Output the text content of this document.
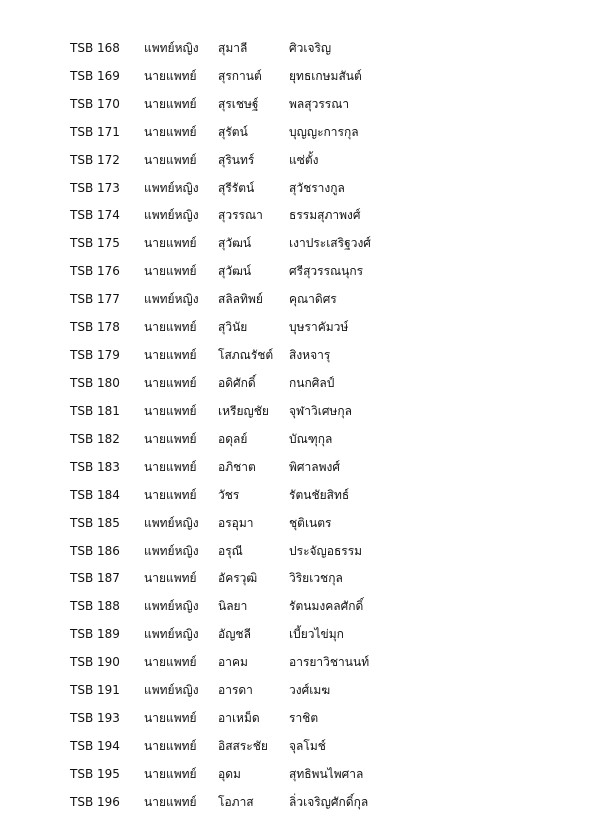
TSB 168	แพทย์หญิง	สุมาลี	ศิวเจริญ
TSB 169	นายแพทย์	สุรกานต์	ยุทธเกษมสันต์
TSB 170	นายแพทย์	สุรเชษฐ์	พลสุวรรณา
TSB 171	นายแพทย์	สุรัตน์	บุญญะการกุล
TSB 172	นายแพทย์	สุรินทร์	แซ่ตั้ง
TSB 173	แพทย์หญิง	สุรีรัตน์	สุวัชรางกูล
TSB 174	แพทย์หญิง	สุวรรณา	ธรรมสุภาพงศ์
TSB 175	นายแพทย์	สุวัฒน์	เงาประเสริฐวงศ์
TSB 176	นายแพทย์	สุวัฒน์	ศรีสุวรรณนุกร
TSB 177	แพทย์หญิง	สลิลทิพย์	คุณาดิศร
TSB 178	นายแพทย์	สุวินัย	บุษราคัมวษ์
TSB 179	นายแพทย์	โสภณรัชต์	สิงหจารุ
TSB 180	นายแพทย์	อดิศักดิ์	กนกศิลป์
TSB 181	นายแพทย์	เหรียญชัย	จุฬาวิเศษกุล
TSB 182	นายแพทย์	อดุลย์	บัณฑุกุล
TSB 183	นายแพทย์	อภิชาต	พิศาลพงศ์
TSB 184	นายแพทย์	วัชร	รัตนชัยสิทธ์
TSB 185	แพทย์หญิง	อรอุมา	ชุติเนตร
TSB 186	แพทย์หญิง	อรุณี	ประจัญอธรรม
TSB 187	นายแพทย์	อัครวุฒิ	วิริยเวชกุล
TSB 188	แพทย์หญิง	นิลยา	รัตนมงคลศักดิ์
TSB 189	แพทย์หญิง	อัญชลี	เบี้ยวไข่มุก
TSB 190	นายแพทย์	อาคม	อารยาวิชานนท์
TSB 191	แพทย์หญิง	อารดา	วงศ์เมฆ
TSB 193	นายแพทย์	อาเหม็ด	ราชิต
TSB 194	นายแพทย์	อิสสระชัย	จุลโมช์
TSB 195	นายแพทย์	อุดม	สุทธิพนไพศาล
TSB 196	นายแพทย์	โอภาส	ลิ่วเจริญศักดิ์กุล
